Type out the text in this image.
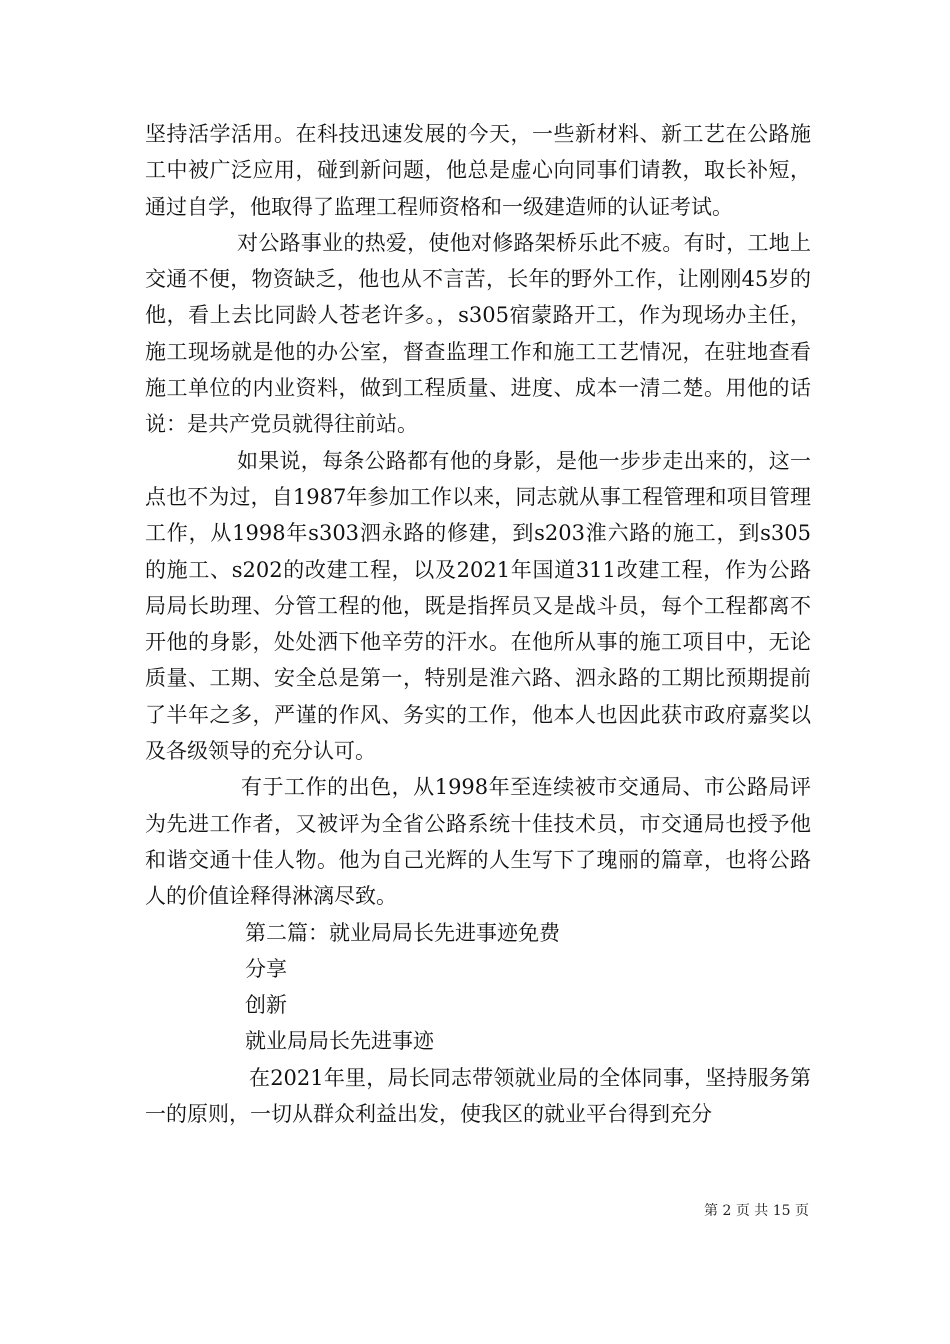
坚持活学活用。在科技迅速发展的今天，一些新材料、新工艺在公路施工中被广泛应用，碰到新问题，他总是虚心向同事们请教，取长补短，通过自学，他取得了监理工程师资格和一级建造师的认证考试。

对公路事业的热爱，使他对修路架桥乐此不疲。有时，工地上交通不便，物资缺乏，他也从不言苦，长年的野外工作，让刚刚45岁的他，看上去比同龄人苍老许多。，s305宿蒙路开工，作为现场办主任，施工现场就是他的办公室，督查监理工作和施工工艺情况，在驻地查看施工单位的内业资料，做到工程质量、进度、成本一清二楚。用他的话说：是共产党员就得往前站。

如果说，每条公路都有他的身影，是他一步步走出来的，这一点也不为过，自1987年参加工作以来，同志就从事工程管理和项目管理工作，从1998年s303泗永路的修建，到s203淮六路的施工，到s305的施工、s202的改建工程，以及2021年国道311改建工程，作为公路局局长助理、分管工程的他，既是指挥员又是战斗员，每个工程都离不开他的身影，处处洒下他辛劳的汗水。在他所从事的施工项目中，无论质量、工期、安全总是第一，特别是淮六路、泗永路的工期比预期提前了半年之多，严谨的作风、务实的工作，他本人也因此获市政府嘉奖以及各级领导的充分认可。

有于工作的出色，从1998年至连续被市交通局、市公路局评为先进工作者，又被评为全省公路系统十佳技术员，市交通局也授予他和谐交通十佳人物。他为自己光辉的人生写下了瑰丽的篇章，也将公路人的价值诠释得淋漓尽致。

第二篇：就业局局长先进事迹免费

分享

创新

就业局局长先进事迹

在2021年里，局长同志带领就业局的全体同事，坚持服务第一的原则，一切从群众利益出发，使我区的就业平台得到充分

第 2 页 共 15 页
